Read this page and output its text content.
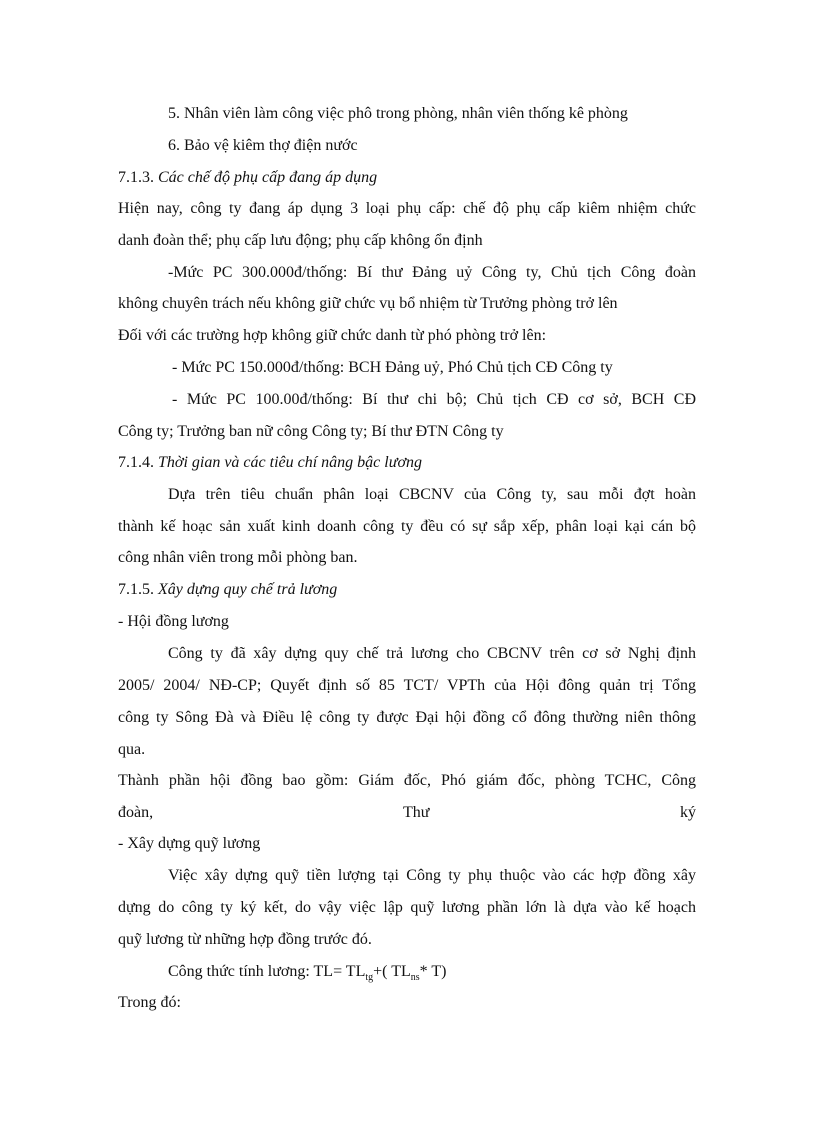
5. Nhân viên làm công việc phô trong phòng, nhân viên thống kê phòng
6. Bảo vệ kiêm thợ điện nước
7.1.3. Các chế độ phụ cấp đang áp dụng
Hiện nay, công ty đang áp dụng 3 loại phụ cấp: chế độ phụ cấp kiêm nhiệm chức
danh đoàn thể; phụ cấp lưu động; phụ cấp không ổn định
-Mức PC 300.000đ/thống: Bí thư Đảng uỷ Công ty, Chủ tịch Công đoàn
không chuyên trách nếu không giữ chức vụ bổ nhiệm từ Trưởng phòng trở lên
Đối với các trường hợp không giữ chức danh từ phó phòng trở lên:
- Mức PC 150.000đ/thống: BCH Đảng uỷ, Phó Chủ tịch CĐ Công ty
- Mức PC 100.00đ/thống: Bí thư chi bộ; Chủ tịch CĐ cơ sở, BCH CĐ
Công ty; Trưởng ban nữ công Công ty; Bí thư ĐTN Công ty
7.1.4. Thời gian và các tiêu chí nâng bậc lương
Dựa trên tiêu chuẩn phân loại CBCNV của Công ty, sau mỗi đợt hoàn
thành kế hoạc sản xuất kinh doanh công ty đều có sự sắp xếp, phân loại kại cán bộ
công nhân viên trong mỗi phòng ban.
7.1.5. Xây dựng quy chế trả lương
- Hội đồng lương
Công ty đã xây dựng quy chế trả lương cho CBCNV trên cơ sở Nghị định
2005/ 2004/ NĐ-CP; Quyết định số 85 TCT/ VPTh của Hội đông quản trị Tổng
công ty Sông Đà và Điều lệ công ty được Đại hội đồng cổ đông thường niên thông
qua.
Thành phần hội đồng bao gồm: Giám đốc, Phó giám đốc, phòng TCHC, Công
đoàn,	Thư	ký
- Xây dựng quỹ lương
Việc xây dựng quỹ tiền lượng tại Công ty phụ thuộc vào các hợp đồng xây
dựng do công ty ký kết, do vậy việc lập quỹ lương phần lớn là dựa vào kế hoạch
quỹ lương từ những hợp đồng trước đó.
Công thức tính lương: $TL= TL_{tg}+$( $TL_{ns}*$ T)
Trong đó:
